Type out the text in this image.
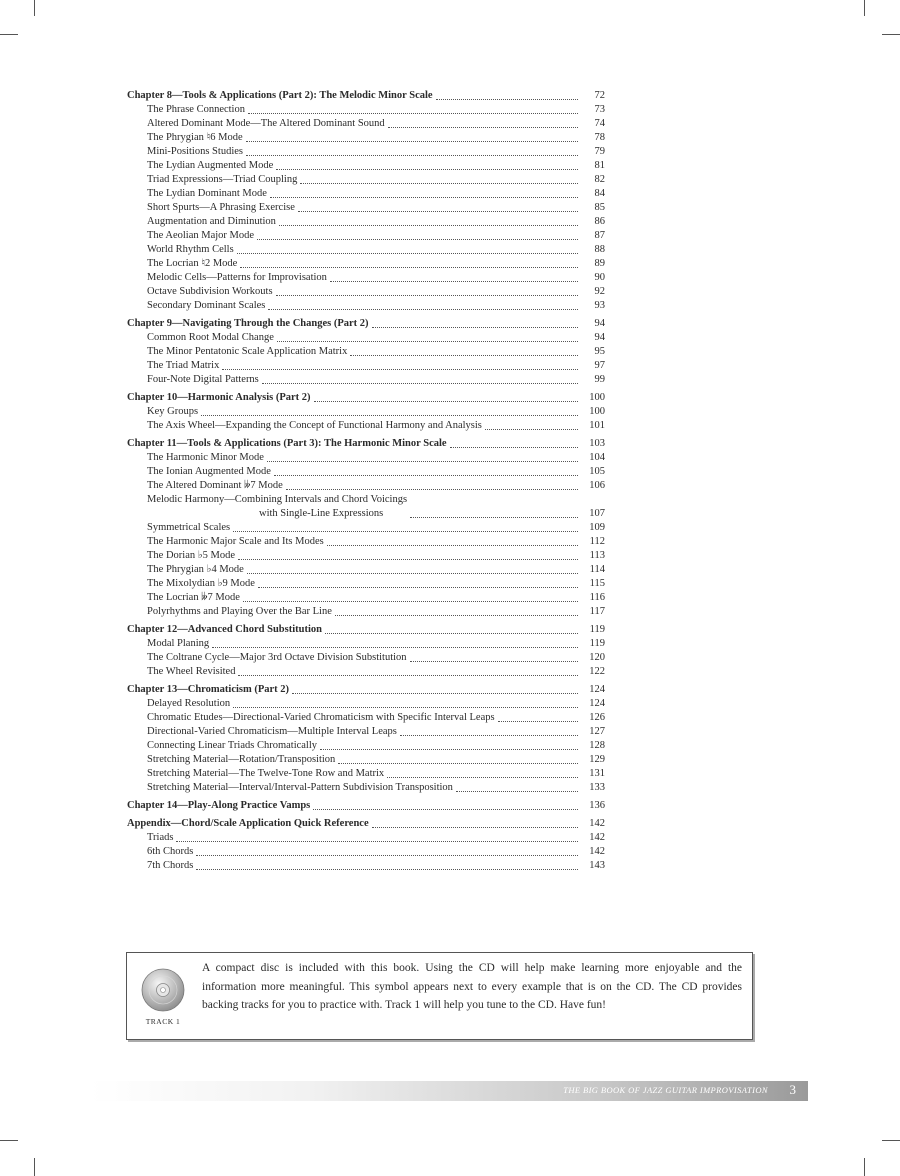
Chapter 8—Tools & Applications (Part 2): The Melodic Minor Scale	72
The Phrase Connection	73
Altered Dominant Mode—The Altered Dominant Sound	74
The Phrygian ♮6 Mode	78
Mini-Positions Studies	79
The Lydian Augmented Mode	81
Triad Expressions—Triad Coupling	82
The Lydian Dominant Mode	84
Short Spurts—A Phrasing Exercise	85
Augmentation and Diminution	86
The Aeolian Major Mode	87
World Rhythm Cells	88
The Locrian ♮2 Mode	89
Melodic Cells—Patterns for Improvisation	90
Octave Subdivision Workouts	92
Secondary Dominant Scales	93
Chapter 9—Navigating Through the Changes (Part 2)	94
Common Root Modal Change	94
The Minor Pentatonic Scale Application Matrix	95
The Triad Matrix	97
Four-Note Digital Patterns	99
Chapter 10—Harmonic Analysis (Part 2)	100
Key Groups	100
The Axis Wheel—Expanding the Concept of Functional Harmony and Analysis	101
Chapter 11—Tools & Applications (Part 3): The Harmonic Minor Scale	103
The Harmonic Minor Mode	104
The Ionian Augmented Mode	105
The Altered Dominant 𝄫7 Mode	106
Melodic Harmony—Combining Intervals and Chord Voicings
with Single-Line Expressions	107
Symmetrical Scales	109
The Harmonic Major Scale and Its Modes	112
The Dorian ♭5 Mode	113
The Phrygian ♭4 Mode	114
The Mixolydian ♭9 Mode	115
The Locrian 𝄫7 Mode	116
Polyrhythms and Playing Over the Bar Line	117
Chapter 12—Advanced Chord Substitution	119
Modal Planing	119
The Coltrane Cycle—Major 3rd Octave Division Substitution	120
The Wheel Revisited	122
Chapter 13—Chromaticism (Part 2)	124
Delayed Resolution	124
Chromatic Etudes—Directional-Varied Chromaticism with Specific Interval Leaps	126
Directional-Varied Chromaticism—Multiple Interval Leaps	127
Connecting Linear Triads Chromatically	128
Stretching Material—Rotation/Transposition	129
Stretching Material—The Twelve-Tone Row and Matrix	131
Stretching Material—Interval/Interval-Pattern Subdivision Transposition	133
Chapter 14—Play-Along Practice Vamps	136
Appendix—Chord/Scale Application Quick Reference	142
Triads	142
6th Chords	142
7th Chords	143
TRACK 1

A compact disc is included with this book. Using the CD will help make learning more enjoyable and the information more meaningful. This symbol appears next to every example that is on the CD. The CD provides backing tracks for you to practice with. Track 1 will help you tune to the CD. Have fun!

THE BIG BOOK OF JAZZ GUITAR IMPROVISATION 3
